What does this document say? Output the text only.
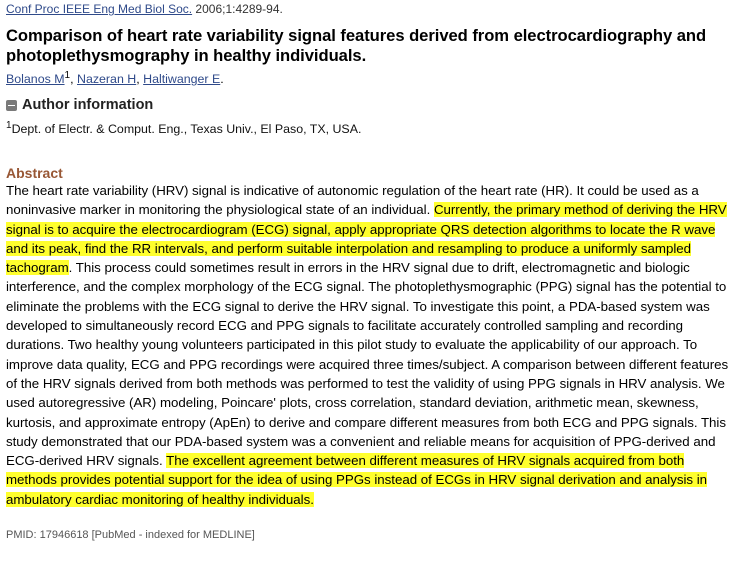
Conf Proc IEEE Eng Med Biol Soc. 2006;1:4289-94.
Comparison of heart rate variability signal features derived from electrocardiography and photoplethysmography in healthy individuals.
Bolanos $M^1$, Nazeran H, Haltiwanger E.
Author information
$^1$Dept. of Electr. & Comput. Eng., Texas Univ., El Paso, TX, USA.
Abstract
The heart rate variability (HRV) signal is indicative of autonomic regulation of the heart rate (HR). It could be used as a noninvasive marker in monitoring the physiological state of an individual. Currently, the primary method of deriving the HRV signal is to acquire the electrocardiogram (ECG) signal, apply appropriate QRS detection algorithms to locate the R wave and its peak, find the RR intervals, and perform suitable interpolation and resampling to produce a uniformly sampled tachogram. This process could sometimes result in errors in the HRV signal due to drift, electromagnetic and biologic interference, and the complex morphology of the ECG signal. The photoplethysmographic (PPG) signal has the potential to eliminate the problems with the ECG signal to derive the HRV signal. To investigate this point, a PDA-based system was developed to simultaneously record ECG and PPG signals to facilitate accurately controlled sampling and recording durations. Two healthy young volunteers participated in this pilot study to evaluate the applicability of our approach. To improve data quality, ECG and PPG recordings were acquired three times/subject. A comparison between different features of the HRV signals derived from both methods was performed to test the validity of using PPG signals in HRV analysis. We used autoregressive (AR) modeling, Poincare' plots, cross correlation, standard deviation, arithmetic mean, skewness, kurtosis, and approximate entropy (ApEn) to derive and compare different measures from both ECG and PPG signals. This study demonstrated that our PDA-based system was a convenient and reliable means for acquisition of PPG-derived and ECG-derived HRV signals. The excellent agreement between different measures of HRV signals acquired from both methods provides potential support for the idea of using PPGs instead of ECGs in HRV signal derivation and analysis in ambulatory cardiac monitoring of healthy individuals.
PMID: 17946618 [PubMed - indexed for MEDLINE]
